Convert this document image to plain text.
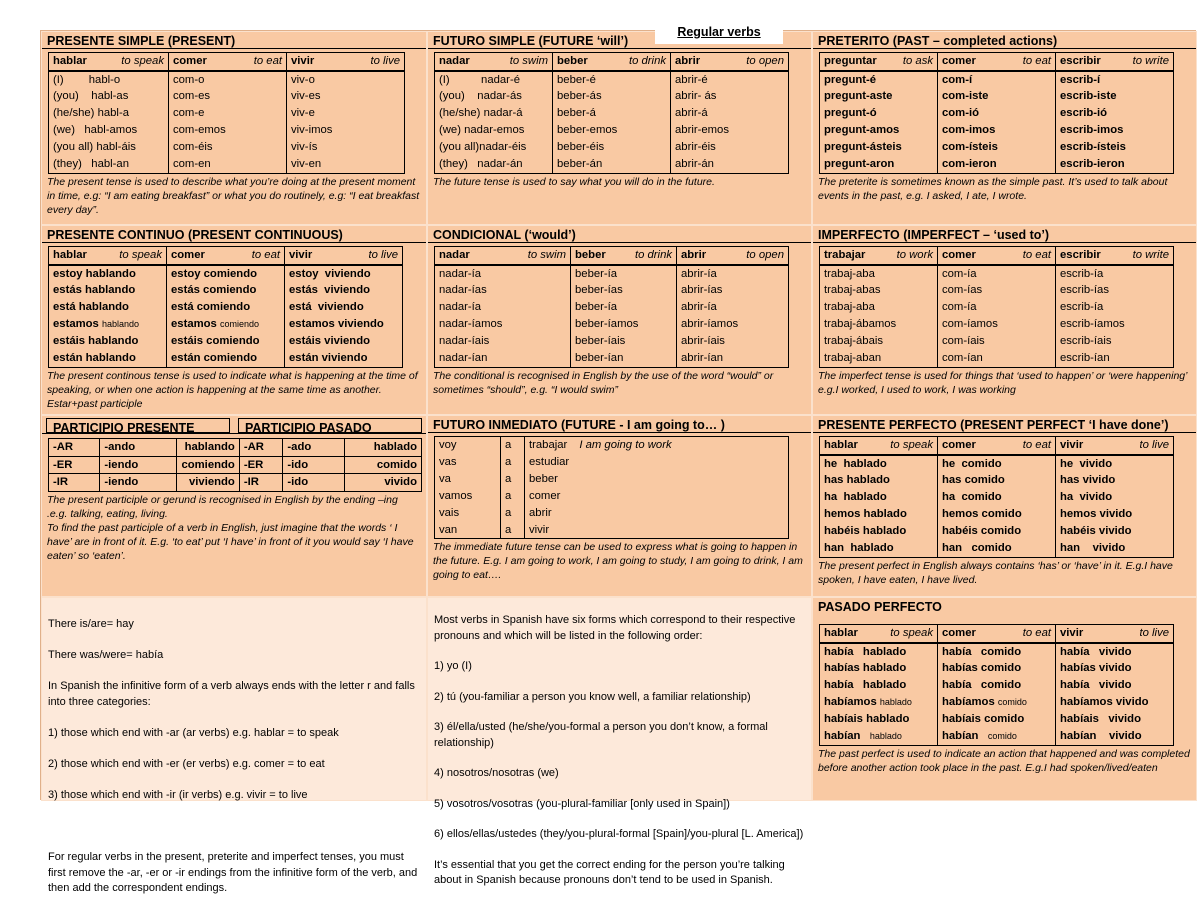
PRESENTE SIMPLE (PRESENT)
hablar to speak	comer to eat	vivir to live

(I)        habl-o	com-o	viv-o
(you)    habl-as	com-es	viv-es
(he/she) habl-a	com-e	viv-e
(we)   habl-amos	com-emos	viv-imos
(you all) habl-áis	com-éis	viv-ís
(they)   habl-an	com-en	viv-en
The present tense is used to describe what you’re doing at the present moment in time, e.g: “I am eating breakfast” or what you do routinely, e.g: “I eat breakfast every day”.
FUTURO SIMPLE (FUTURE ‘will’)
nadar to swim	beber to drink	abrir to open

(I)          nadar-é	beber-é	abrir-é
(you)    nadar-ás	beber-ás	abrir- ás
(he/she) nadar-á	beber-á	abrir-á
(we) nadar-emos	beber-emos	abrir-emos
(you all)nadar-éis	beber-éis	abrir-éis
(they)   nadar-án	beber-án	abrir-án
The future tense is used to say what you will do in the future.
PRETERITO (PAST – completed actions)
preguntar to ask	comer to eat	escribir to write

pregunt-é	com-í	escrib-í
pregunt-aste	com-iste	escrib-iste
pregunt-ó	com-ió	escrib-ió
pregunt-amos	com-imos	escrib-imos
pregunt-ásteis	com-ísteis	escrib-ísteis
pregunt-aron	com-ieron	escrib-ieron
The preterite is sometimes known as the simple past. It’s used to talk about events in the past, e.g. I asked, I ate, I wrote.
PRESENTE CONTINUO (PRESENT CONTINUOUS)
hablar to speak	comer to eat	vivir to live

estoy hablando	estoy comiendo	estoy  viviendo
estás hablando	estás comiendo	estás  viviendo
está hablando	está comiendo	está  viviendo
estamos hablando	estamos comiendo	estamos viviendo
estáis hablando	estáis comiendo	estáis viviendo
están hablando	están comiendo	están viviendo
The present continous tense is used to indicate what is happening at the time of speaking, or when one action is happening at the same time as another. Estar+past participle
CONDICIONAL (‘would’)
nadar to swim	beber to drink	abrir to open

nadar-ía	beber-ía	abrir-ía
nadar-ías	beber-ías	abrir-ías
nadar-ía	beber-ía	abrir-ía
nadar-íamos	beber-íamos	abrir-íamos
nadar-íais	beber-íais	abrir-íais
nadar-ían	beber-ían	abrir-ían
The conditional is recognised in English by the use of the word “would” or sometimes “should”, e.g. “I would swim”
IMPERFECTO (IMPERFECT – ‘used to’)
trabajar to work	comer to eat	escribir to write

trabaj-aba	com-ía	escrib-ía
trabaj-abas	com-ías	escrib-ías
trabaj-aba	com-ía	escrib-ía
trabaj-ábamos	com-íamos	escrib-íamos
trabaj-ábais	com-íais	escrib-íais
trabaj-aban	com-ían	escrib-ían
The imperfect tense is used for things that ‘used to happen’ or ‘were happening’ e.g.I worked, I used to work, I was working
PARTICIPIO PRESENTE	PARTICIPIO PASADO
-AR	-ando	hablando	-AR	-ado	hablado
-ER	-iendo	comiendo	-ER	-ido	comido
-IR	-iendo	viviendo	-IR	-ido	vivido
The present participle or gerund is recognised in English by the ending –ing .e.g. talking, eating, living.
To find the past participle of a verb in English, just imagine that the words ‘ I have’ are in front of it. E.g. ‘to eat’ put ‘I have’ in front of it you would say ‘I have eaten’ so ‘eaten’.
FUTURO INMEDIATO (FUTURE - I am going to… )
voy	a	trabajar I am going to work
vas	a	estudiar
va	a	beber
vamos	a	comer
vais	a	abrir
van	a	vivir
The immediate future tense can be used to express what is going to happen in the future. E.g. I am going to work, I am going to study, I am going to drink, I am going to eat….
PRESENTE PERFECTO (PRESENT PERFECT ‘I have done’)
hablar to speak	comer to eat	vivir to live

he  hablado	he  comido	he  vivido
has hablado	has comido	has vivido
ha  hablado	ha  comido	ha  vivido
hemos hablado	hemos comido	hemos vivido
habéis hablado	habéis comido	habéis vivido
han  hablado	han   comido	han    vivido
The present perfect in English always contains ‘has’ or ‘have’ in it. E.g.I have spoken, I have eaten, I have lived.

There is/are= hay

There was/were= había

In Spanish the infinitive form of a verb always ends with the letter r and falls into three categories:

1) those which end with -ar (ar verbs) e.g. hablar = to speak

2) those which end with -er (er verbs) e.g. comer = to eat

3) those which end with -ir (ir verbs) e.g. vivir = to live

For regular verbs in the present, preterite and imperfect tenses, you must first remove the -ar, -er or -ir endings from the infinitive form of the verb, and then add the correspondent endings.

Most verbs in Spanish have six forms which correspond to their respective pronouns and which will be listed in the following order:

1) yo (I)

2) tú (you-familiar a person you know well, a familiar relationship)

3) él/ella/usted (he/she/you-formal a person you don’t know, a formal relationship)

4) nosotros/nosotras (we)

5) vosotros/vosotras (you-plural-familiar [only used in Spain])

6) ellos/ellas/ustedes (they/you-plural-formal [Spain]/you-plural [L. America])

It’s essential that you get the correct ending for the person you’re talking about in Spanish because pronouns don’t tend to be used in Spanish.

PASADO PERFECTO
hablar to speak	comer to eat	vivir to live

había   hablado	había   comido	había   vivido
habías hablado	habías comido	habías vivido
había   hablado	había   comido	había   vivido
habíamos hablado	habíamos comido	habíamos vivido
habíais hablado	habíais comido	habíais   vivido
habían   hablado	habían   comido	habían    vivido
The past perfect is used to indicate an action that happened and was completed before another action took place in the past. E.g.I had spoken/lived/eaten
Regular verbs
